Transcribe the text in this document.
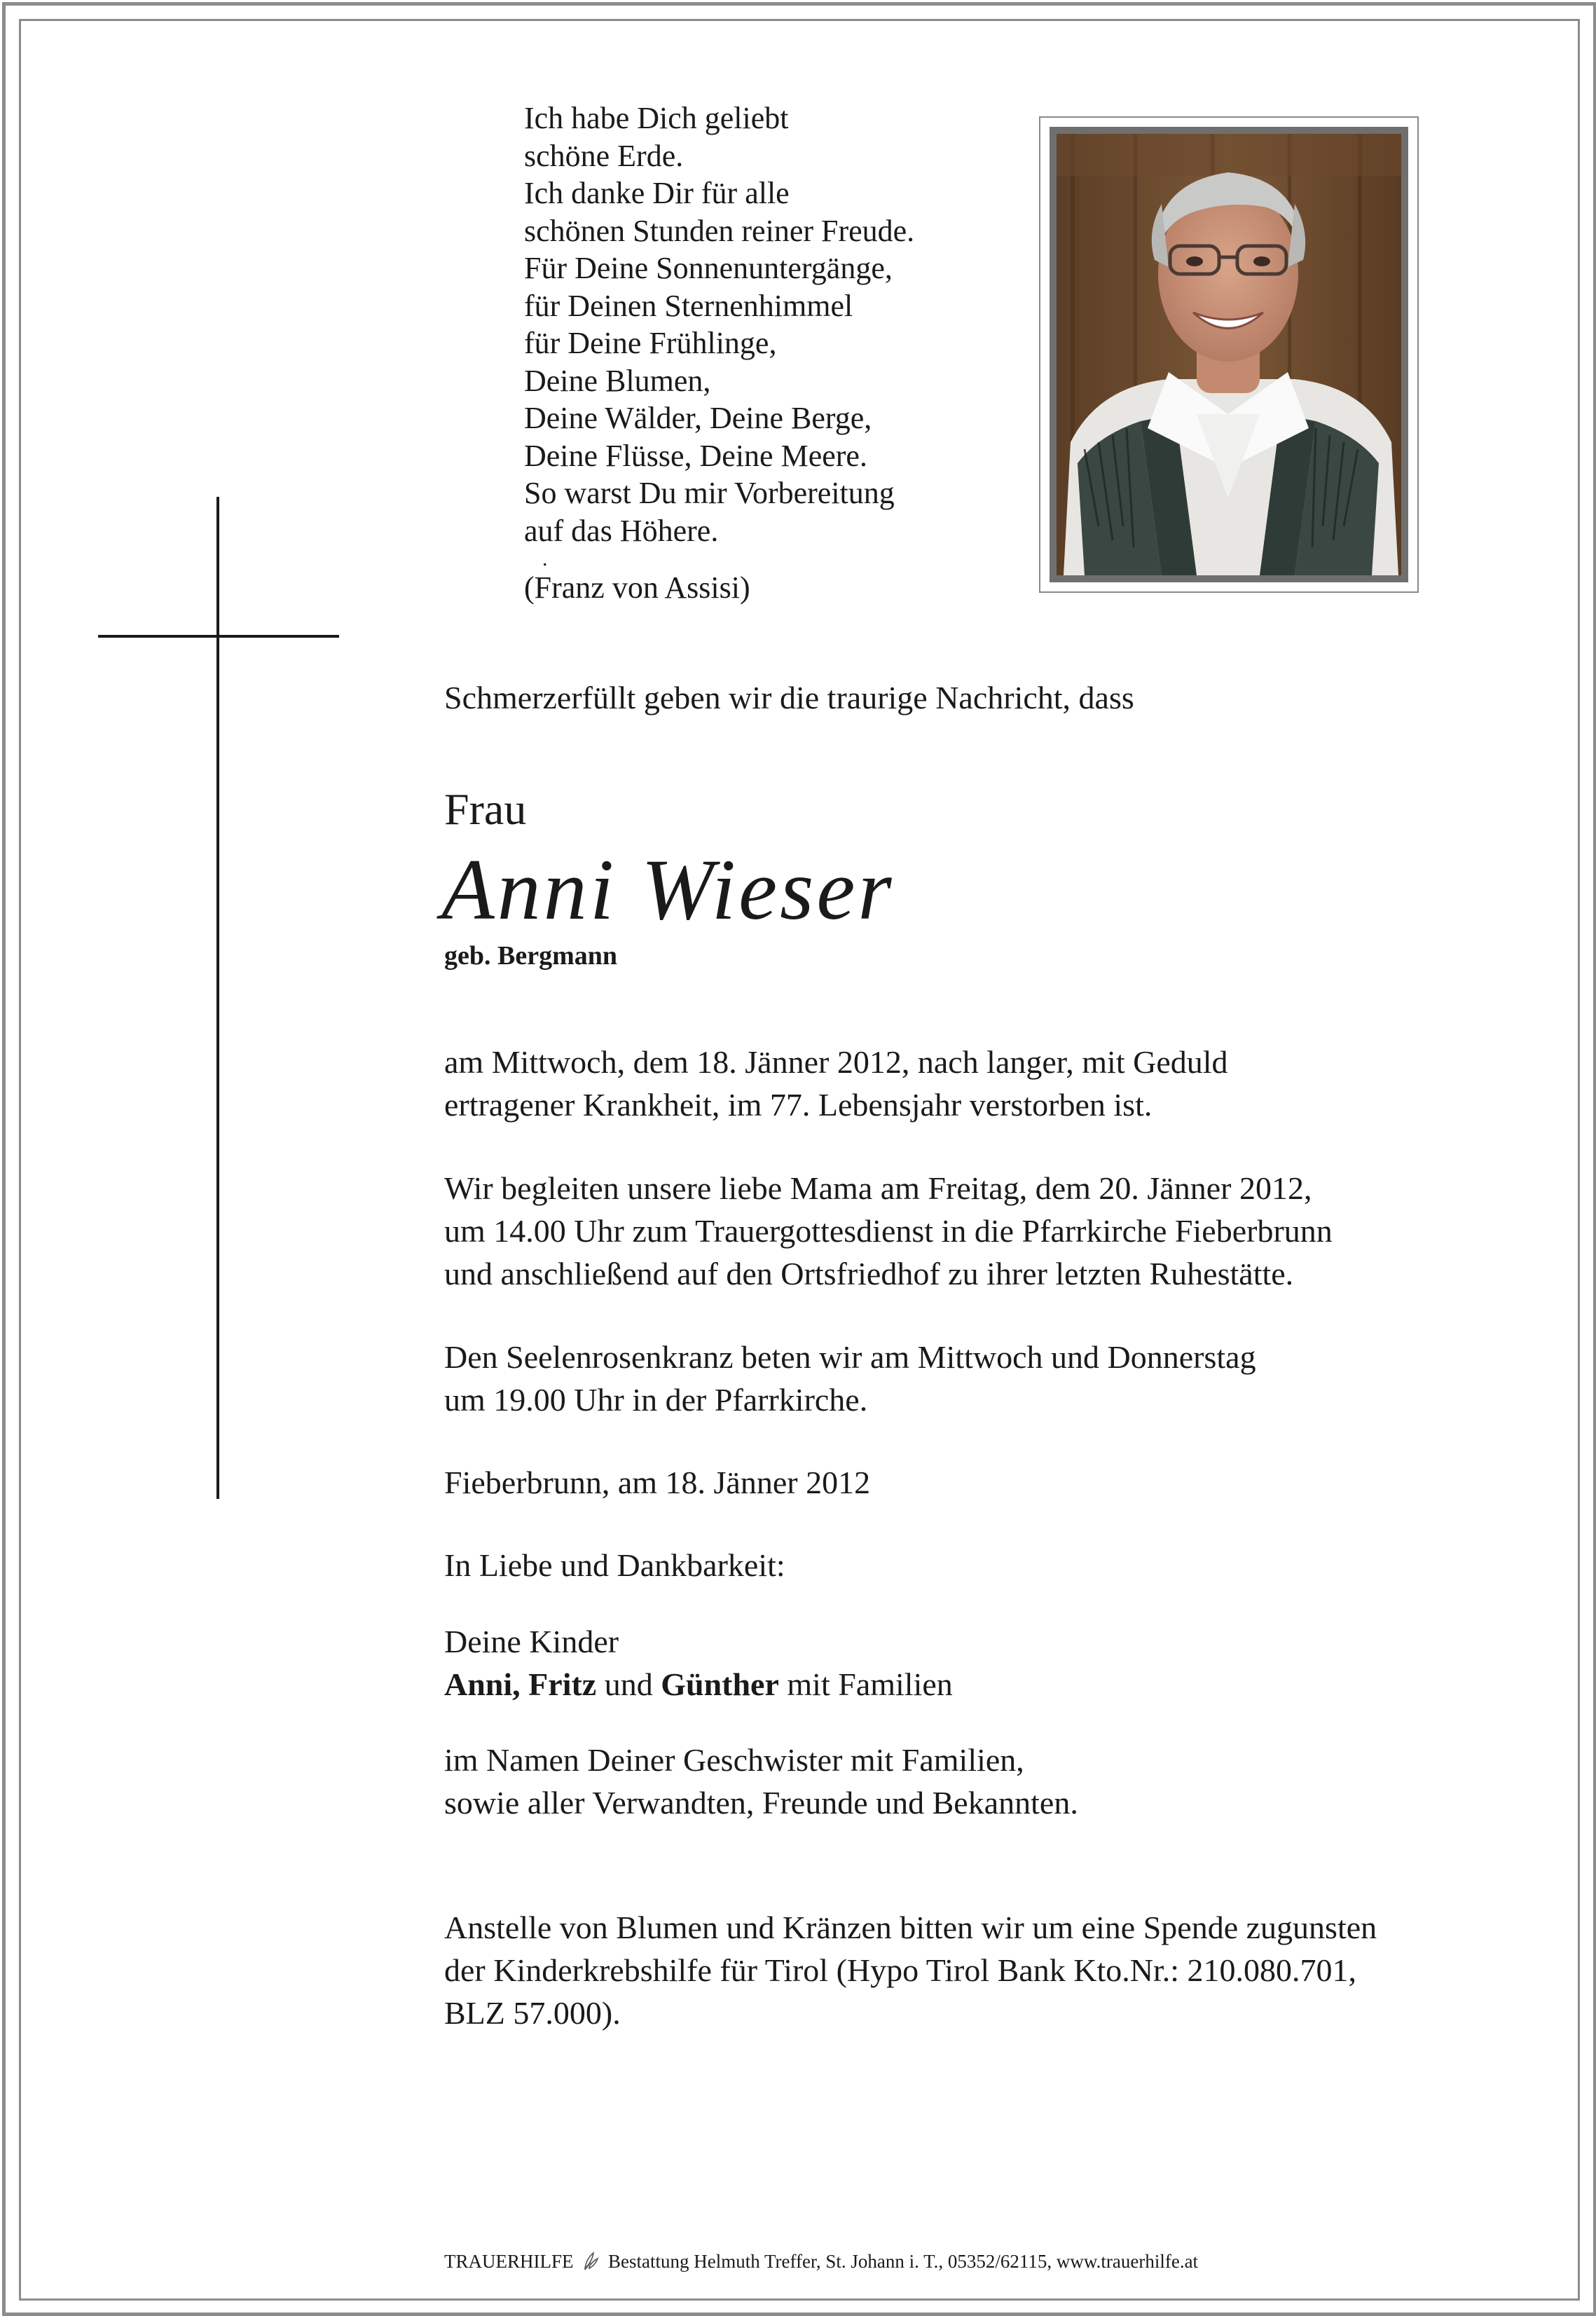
Ich habe Dich geliebt
schöne Erde.
Ich danke Dir für alle
schönen Stunden reiner Freude.
Für Deine Sonnenuntergänge,
für Deinen Sternenhimmel
für Deine Frühlinge,
Deine Blumen,
Deine Wälder, Deine Berge,
Deine Flüsse, Deine Meere.
So warst Du mir Vorbereitung
auf das Höhere.
.
(Franz von Assisi)
Schmerzerfüllt geben wir die traurige Nachricht, dass
Frau
Anni Wieser
geb. Bergmann
am Mittwoch, dem 18. Jänner 2012, nach langer, mit Geduld
ertragener Krankheit, im 77. Lebensjahr verstorben ist.
Wir begleiten unsere liebe Mama am Freitag, dem 20. Jänner 2012,
um 14.00 Uhr zum Trauergottesdienst in die Pfarrkirche Fieberbrunn
und anschließend auf den Ortsfriedhof zu ihrer letzten Ruhestätte.
Den Seelenrosenkranz beten wir am Mittwoch und Donnerstag
um 19.00 Uhr in der Pfarrkirche.
Fieberbrunn, am 18. Jänner 2012
In Liebe und Dankbarkeit:
Deine Kinder
Anni, Fritz und Günther mit Familien
im Namen Deiner Geschwister mit Familien,
sowie aller Verwandten, Freunde und Bekannten.
Anstelle von Blumen und Kränzen bitten wir um eine Spende zugunsten
der Kinderkrebshilfe für Tirol (Hypo Tirol Bank Kto.Nr.: 210.080.701,
BLZ 57.000).
TRAUERHILFE Bestattung Helmuth Treffer, St. Johann i. T., 05352/62115, www.trauerhilfe.at
